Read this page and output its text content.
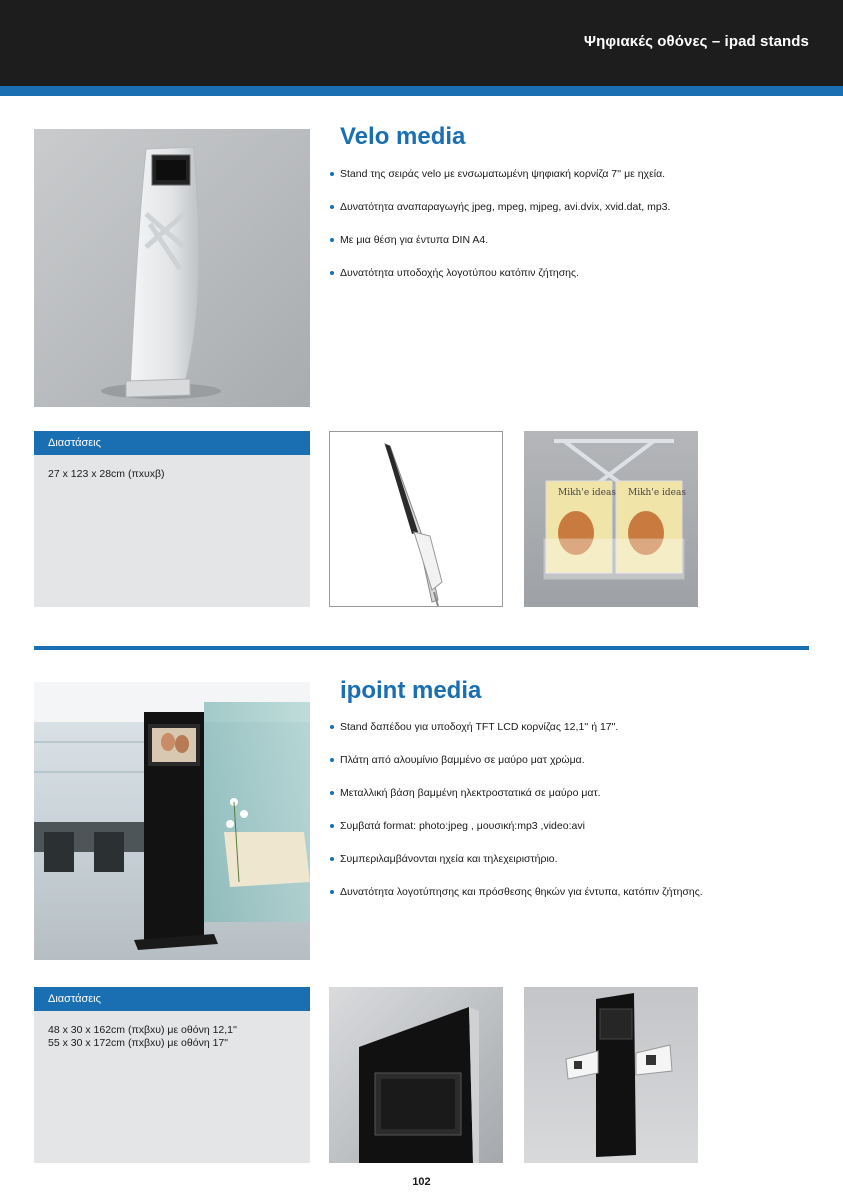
Ψηφιακές οθόνες – ipad stands
Velo media
Stand της σειράς velo με ενσωματωμένη ψηφιακή κορνίζα 7'' με ηχεία.
Δυνατότητα αναπαραγωγής jpeg, mpeg, mjpeg, avi.dvix, xvid.dat, mp3.
Με μια θέση για έντυπα DIN A4.
Δυνατότητα υποδοχής λογοτύπου κατόπιν ζήτησης.
Διαστάσεις
27 x 123 x 28cm (πxυxβ)
Mikh'e ideas Mikh'e ideas
ipoint media
Stand δαπέδου για υποδοχή TFT LCD κορνίζας 12,1'' ή 17".
Πλάτη από αλουμίνιο βαμμένο σε μαύρο ματ χρώμα.
Μεταλλική βάση βαμμένη ηλεκτροστατικά σε μαύρο ματ.
Συμβατά format: photo:jpeg , μουσική:mp3 ,video:avi
Συμπεριλαμβάνονται ηχεία και τηλεχειριστήριο.
Δυνατότητα λογοτύπησης και πρόσθεσης θηκών για έντυπα, κατόπιν ζήτησης.
Διαστάσεις
48 x 30 x 162cm (πxβxυ) με οθόνη 12,1''
55 x 30 x 172cm (πxβxυ) με οθόνη 17"
102
